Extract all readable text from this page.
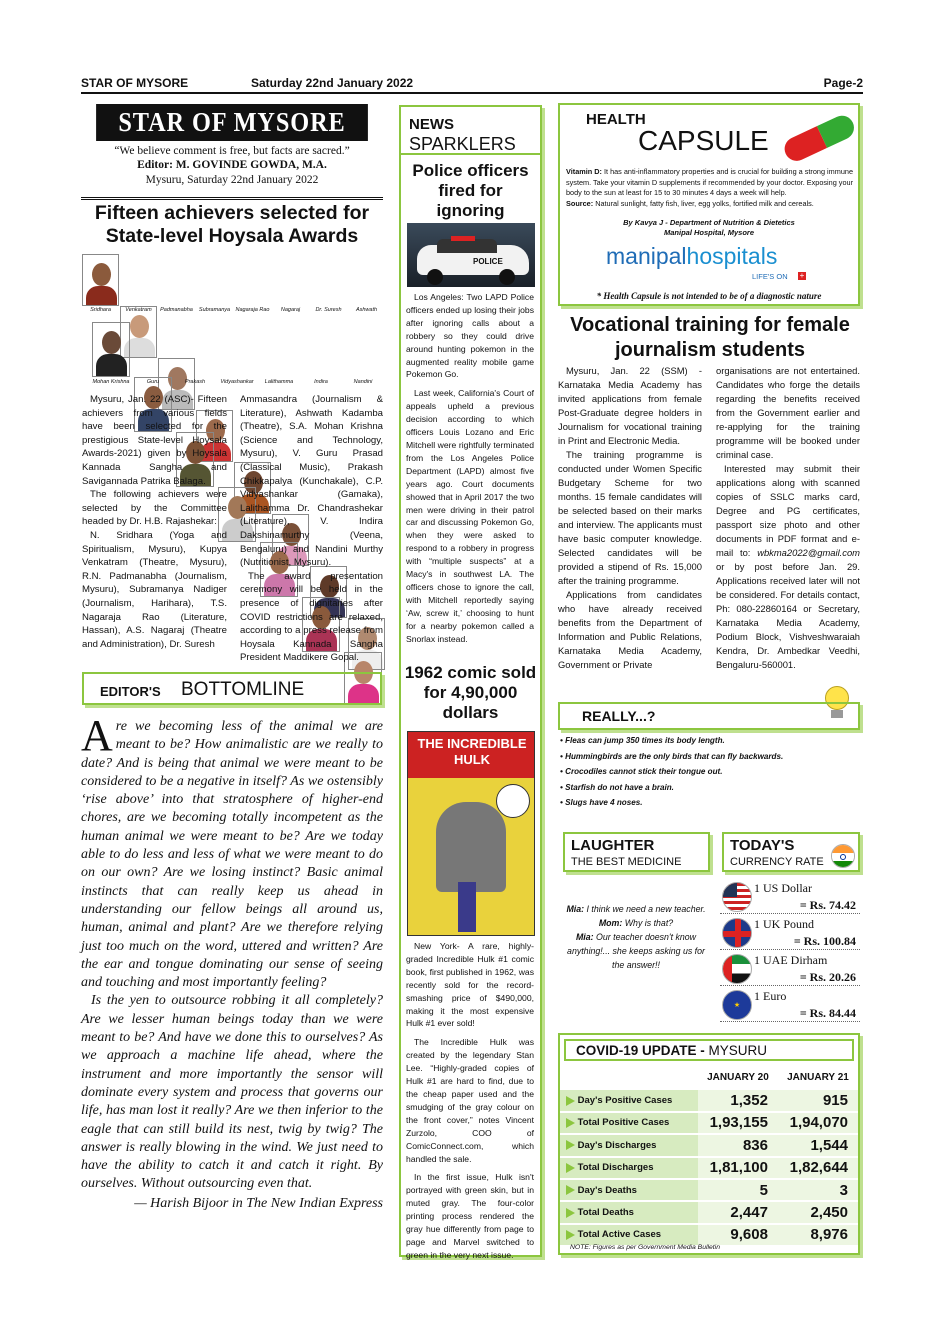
STAR OF MYSORE	Saturday 22nd January 2022	Page-2
STAR OF MYSORE
“We believe comment is free, but facts are sacred.”
Editor: M. GOVINDE GOWDA, M.A.
Mysuru, Saturday 22nd January 2022
Fifteen achievers selected for State-level Hoysala Awards
Sridhara	Venkatram	Padmanabha	Subramanya Nagaraja Rao	Nagaraj	Dr. Suresh	Ashwath
Mohan Krishna	Guru	Prakash	Vidyashankar	Lalithamma	Indira	Nandini

Mysuru, Jan. 22 (ASC)- Fifteen achievers from various fields have been selected for the prestigious State-level Hoysala Awards-2021) given by Hoysala Kannada Sangha and Savigannada Patrika Balaga.

The following achievers were selected by the Committee headed by Dr. H.B. Rajashekar:

N. Sridhara (Yoga and Spiritualism, Mysuru), Kupya Venkatram (Theatre, Mysuru), R.N. Padmanabha (Journalism, Mysuru), Subramanya Nadiger (Journalism, Harihara), T.S. Nagaraja Rao (Literature, Hassan), A.S. Nagaraj (Theatre and Administration), Dr. Suresh

Ammasandra (Journalism & Literature), Ashwath Kadamba (Theatre), S.A. Mohan Krishna (Science and Technology, Mysuru), V. Guru Prasad (Classical Music), Prakash Chikkapalya (Kunchakale), C.P. Vidyashankar (Gamaka), Lalithamma Dr. Chandrashekar (Literature), V. Indira Dakshinamurthy (Veena, Bengaluru) and Nandini Murthy (Nutritionist, Mysuru).

The award presentation ceremony will be held in the presence of dignitaries after COVID restrictions are relaxed, according to a press release from Hoysala Kannada Sangha President Maddikere Gopal.

EDITOR'S BOTTOMLINE
A re we becoming less of the animal we are meant to be? How animalistic are we really to date? And is being that animal we were meant to be considered to be a negative in itself? As we ostensibly ‘rise above’ into that stratosphere of higher-end chores, are we becoming totally incompetent as the human animal we were meant to be? Are we today able to do less and less of what we were meant to do on our own? Are we losing instinct? Basic animal instincts that can really keep us ahead in understanding our fellow beings all around us, human, animal and plant? Are we therefore relying just too much on the word, uttered and written? Are the ear and tongue dominating our sense of seeing and touching and most importantly feeling?

Is the yen to outsource robbing it all completely? Are we lesser human beings today than we were meant to be? And have we done this to ourselves? As we approach a machine life ahead, where the instrument and more importantly the sensor will dominate every system and process that governs our life, has man lost it really? Are we then inferior to the eagle that can still build its nest, twig by twig? The answer is really blowing in the wind. We just need to have the ability to catch it and catch it right. By ourselves. Without outsourcing even that.

— Harish Bijoor in The New Indian Express

NEWS
SPARKLERS
Police officers fired for ignoring
POLICE

Los Angeles: Two LAPD Police officers ended up losing their jobs after ignoring calls about a robbery so they could drive around hunting pokemon in the augmented reality mobile game Pokemon Go.

Last week, California's Court of appeals upheld a previous decision according to which officers Louis Lozano and Eric Mitchell were rightfully terminated from the Los Angeles Police Department (LAPD) almost five years ago. Court documents showed that in April 2017 the two men were driving in their patrol car and discussing Pokemon Go, when they were asked to respond to a robbery in progress with “multiple suspects” at a Macy's in southwest LA. The officers chose to ignore the call, with Mitchell reportedly saying ‘Aw, screw it,’ choosing to hunt for a nearby pokemon called a Snorlax instead.

1962 comic sold for 4,90,000 dollars
THE INCREDIBLE HULK

New York- A rare, highly-graded Incredible Hulk #1 comic book, first published in 1962, was recently sold for the record-smashing price of $490,000, making it the most expensive Hulk #1 ever sold!

The Incredible Hulk was created by the legendary Stan Lee. “Highly-graded copies of Hulk #1 are hard to find, due to the cheap paper used and the smudging of the gray colour on the front cover,” notes Vincent Zurzolo, COO of ComicConnect.com, which handled the sale.

In the first issue, Hulk isn't portrayed with green skin, but in muted gray. The four-color printing process rendered the gray hue differently from page to page and Marvel switched to green in the very next issue.

HEALTH
CAPSULE
Vitamin D: It has anti-inflammatory properties and is crucial for building a strong immune system. Take your vitamin D supplements if recommended by your doctor. Exposing your body to the sun at least for 15 to 30 minutes 4 days a week will help.
Source: Natural sunlight, fatty fish, liver, egg yolks, fortified milk and cereals.
By Kavya J - Department of Nutrition & Dietetics
Manipal Hospital, Mysore
manipalhospitals
LIFE'S ON +
* Health Capsule is not intended to be of a diagnostic nature
Vocational training for female journalism students

Mysuru, Jan. 22 (SSM) - Karnataka Media Academy has invited applications from female Post-Graduate degree holders in Journalism for vocational training in Print and Electronic Media.

The training programme is conducted under Women Specific Budgetary Scheme for two months. 15 female candidates will be selected based on their marks and interview. The applicants must have basic computer knowledge. Selected candidates will be provided a stipend of Rs. 15,000 after the training programme.

Applications from candidates who have already received benefits from the Department of Information and Public Relations, Karnataka Media Academy, Government or Private

organisations are not entertained. Candidates who forge the details regarding the benefits received from the Government earlier and re-applying for the training programme will be booked under criminal case.

Interested may submit their applications along with scanned copies of SSLC marks card, Degree and PG certificates, passport size photo and other documents in PDF format and e-mail to: wbkma2022@gmail.com or by post before Jan. 29. Applications received later will not be considered. For details contact, Ph: 080-22860164 or Secretary, Karnataka Media Academy, Podium Block, Vishveshwaraiah Kendra, Dr. Ambedkar Veedhi, Bengaluru-560001.

REALLY...?
• Fleas can jump 350 times its body length.
• Hummingbirds are the only birds that can fly backwards.
• Crocodiles cannot stick their tongue out.
• Starfish do not have a brain.
• Slugs have 4 noses.
LAUGHTER
THE BEST MEDICINE
Mia: I think we need a new teacher.
Mom: Why is that?
Mia: Our teacher doesn't know anything!... she keeps asking us for the answer!!
TODAY'S
CURRENCY RATE
1 US Dollar
= Rs. 74.42
1 UK Pound
= Rs. 100.84
1 UAE Dirham
= Rs. 20.26
★
1 Euro
= Rs. 84.44
COVID-19 UPDATE - MYSURU
	JANUARY 20	JANUARY 21
Day's Positive Cases	1,352	915
Total Positive Cases	1,93,155	1,94,070
Day's Discharges	836	1,544
Total Discharges	1,81,100	1,82,644
Day's Deaths	5	3
Total Deaths	2,447	2,450
Total Active Cases	9,608	8,976
NOTE: Figures as per Government Media Bulletin
